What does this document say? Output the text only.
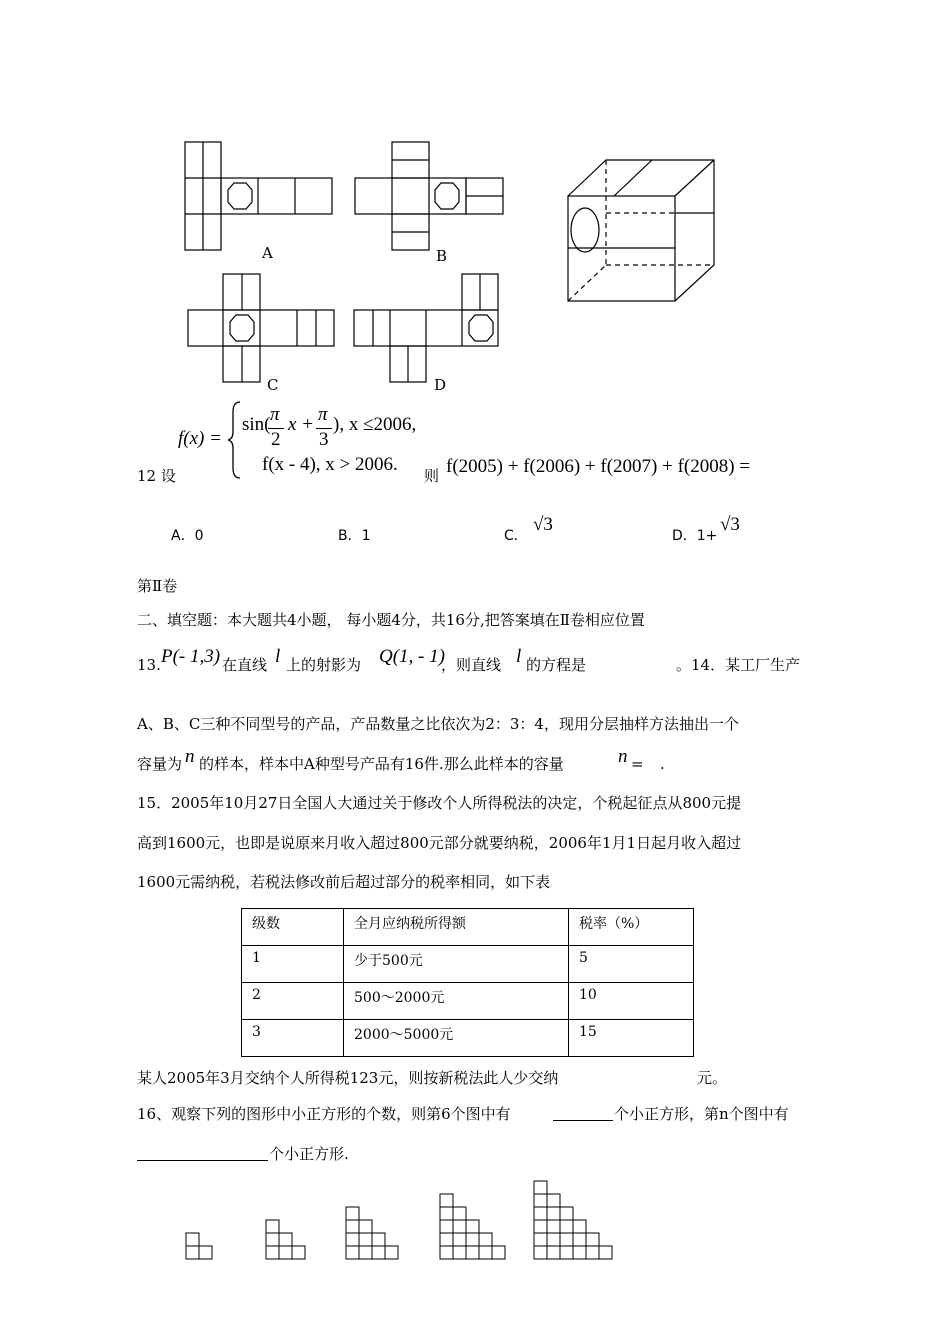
A	B
C	D
f(x) =
sin( π
2
x + π
3
), x ≤2006,
f(x - 4), x > 2006.
12 设	则 f(2005) + f(2006) + f(2007) + f(2008) =
A．0	B．1	C．
√3
D．1+
√3
第Ⅱ卷
二、填空题：本大题共4小题， 每小题4分，共16分,把答案填在Ⅱ卷相应位置
13. P(- 1,3) 在直线 l 上的射影为 Q(1, - 1)
，则直线 l 的方程是	。14．某工厂生产
A、B、C三种不同型号的产品，产品数量之比依次为2：3：4，现用分层抽样方法抽出一个
容量为 n 的样本，样本中A种型号产品有16件.那么此样本的容量	n = .
15．2005年10月27日全国人大通过关于修改个人所得税法的决定，个税起征点从800元提
高到1600元，也即是说原来月收入超过800元部分就要纳税，2006年1月1日起月收入超过
1600元需纳税，若税法修改前后超过部分的税率相同，如下表
级数	全月应纳税所得额	税率（%）
1	少于500元	5
2	500～2000元	10
3	2000～5000元	15
某人2005年3月交纳个人所得税123元，则按新税法此人少交纳	元。
16、观察下列的图形中小正方形的个数，则第6个图中有	个小正方形，第n个图中有
个小正方形.
